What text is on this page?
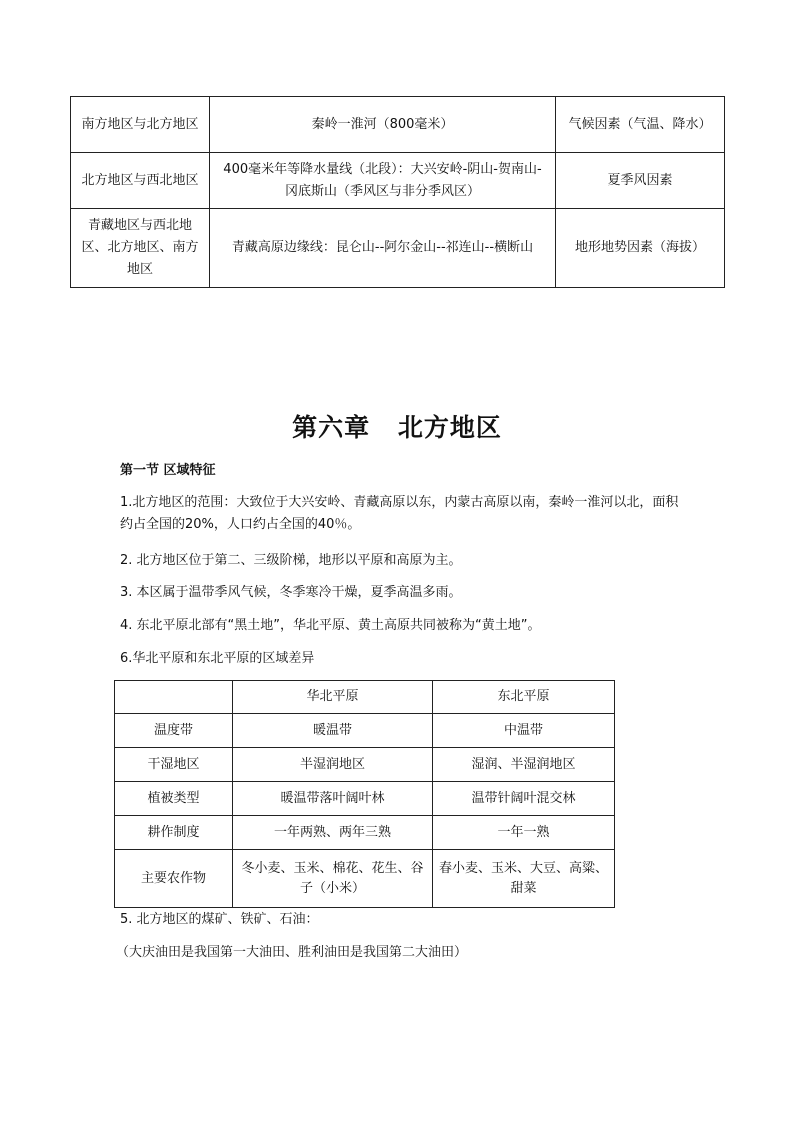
南方地区与北方地区	秦岭一淮河（800毫米）	气候因素（气温、降水）
北方地区与西北地区	400毫米年等降水量线（北段）：大兴安岭-阴山-贺南山-冈底斯山（季风区与非分季风区）	夏季风因素
青藏地区与西北地区、北方地区、南方地区	青藏高原边缘线：昆仑山--阿尔金山--祁连山--横断山	地形地势因素（海拔）
第六章 北方地区
第一节 区域特征
1.北方地区的范围：大致位于大兴安岭、青藏高原以东，内蒙古高原以南，秦岭一淮河以北，面积约占全国的20%，人口约占全国的40％。
2. 北方地区位于第二、三级阶梯，地形以平原和高原为主。
3. 本区属于温带季风气候，冬季寒冷干燥，夏季高温多雨。
4. 东北平原北部有“黑土地”，华北平原、黄土高原共同被称为“黄土地”。
6.华北平原和东北平原的区域差异
	华北平原	东北平原
温度带	暖温带	中温带
干湿地区	半湿润地区	湿润、半湿润地区
植被类型	暖温带落叶阔叶林	温带针阔叶混交林
耕作制度	一年两熟、两年三熟	一年一熟
主要农作物	冬小麦、玉米、棉花、花生、谷子（小米）	春小麦、玉米、大豆、高粱、甜菜
5. 北方地区的煤矿、铁矿、石油：
（大庆油田是我国第一大油田、胜利油田是我国第二大油田）
